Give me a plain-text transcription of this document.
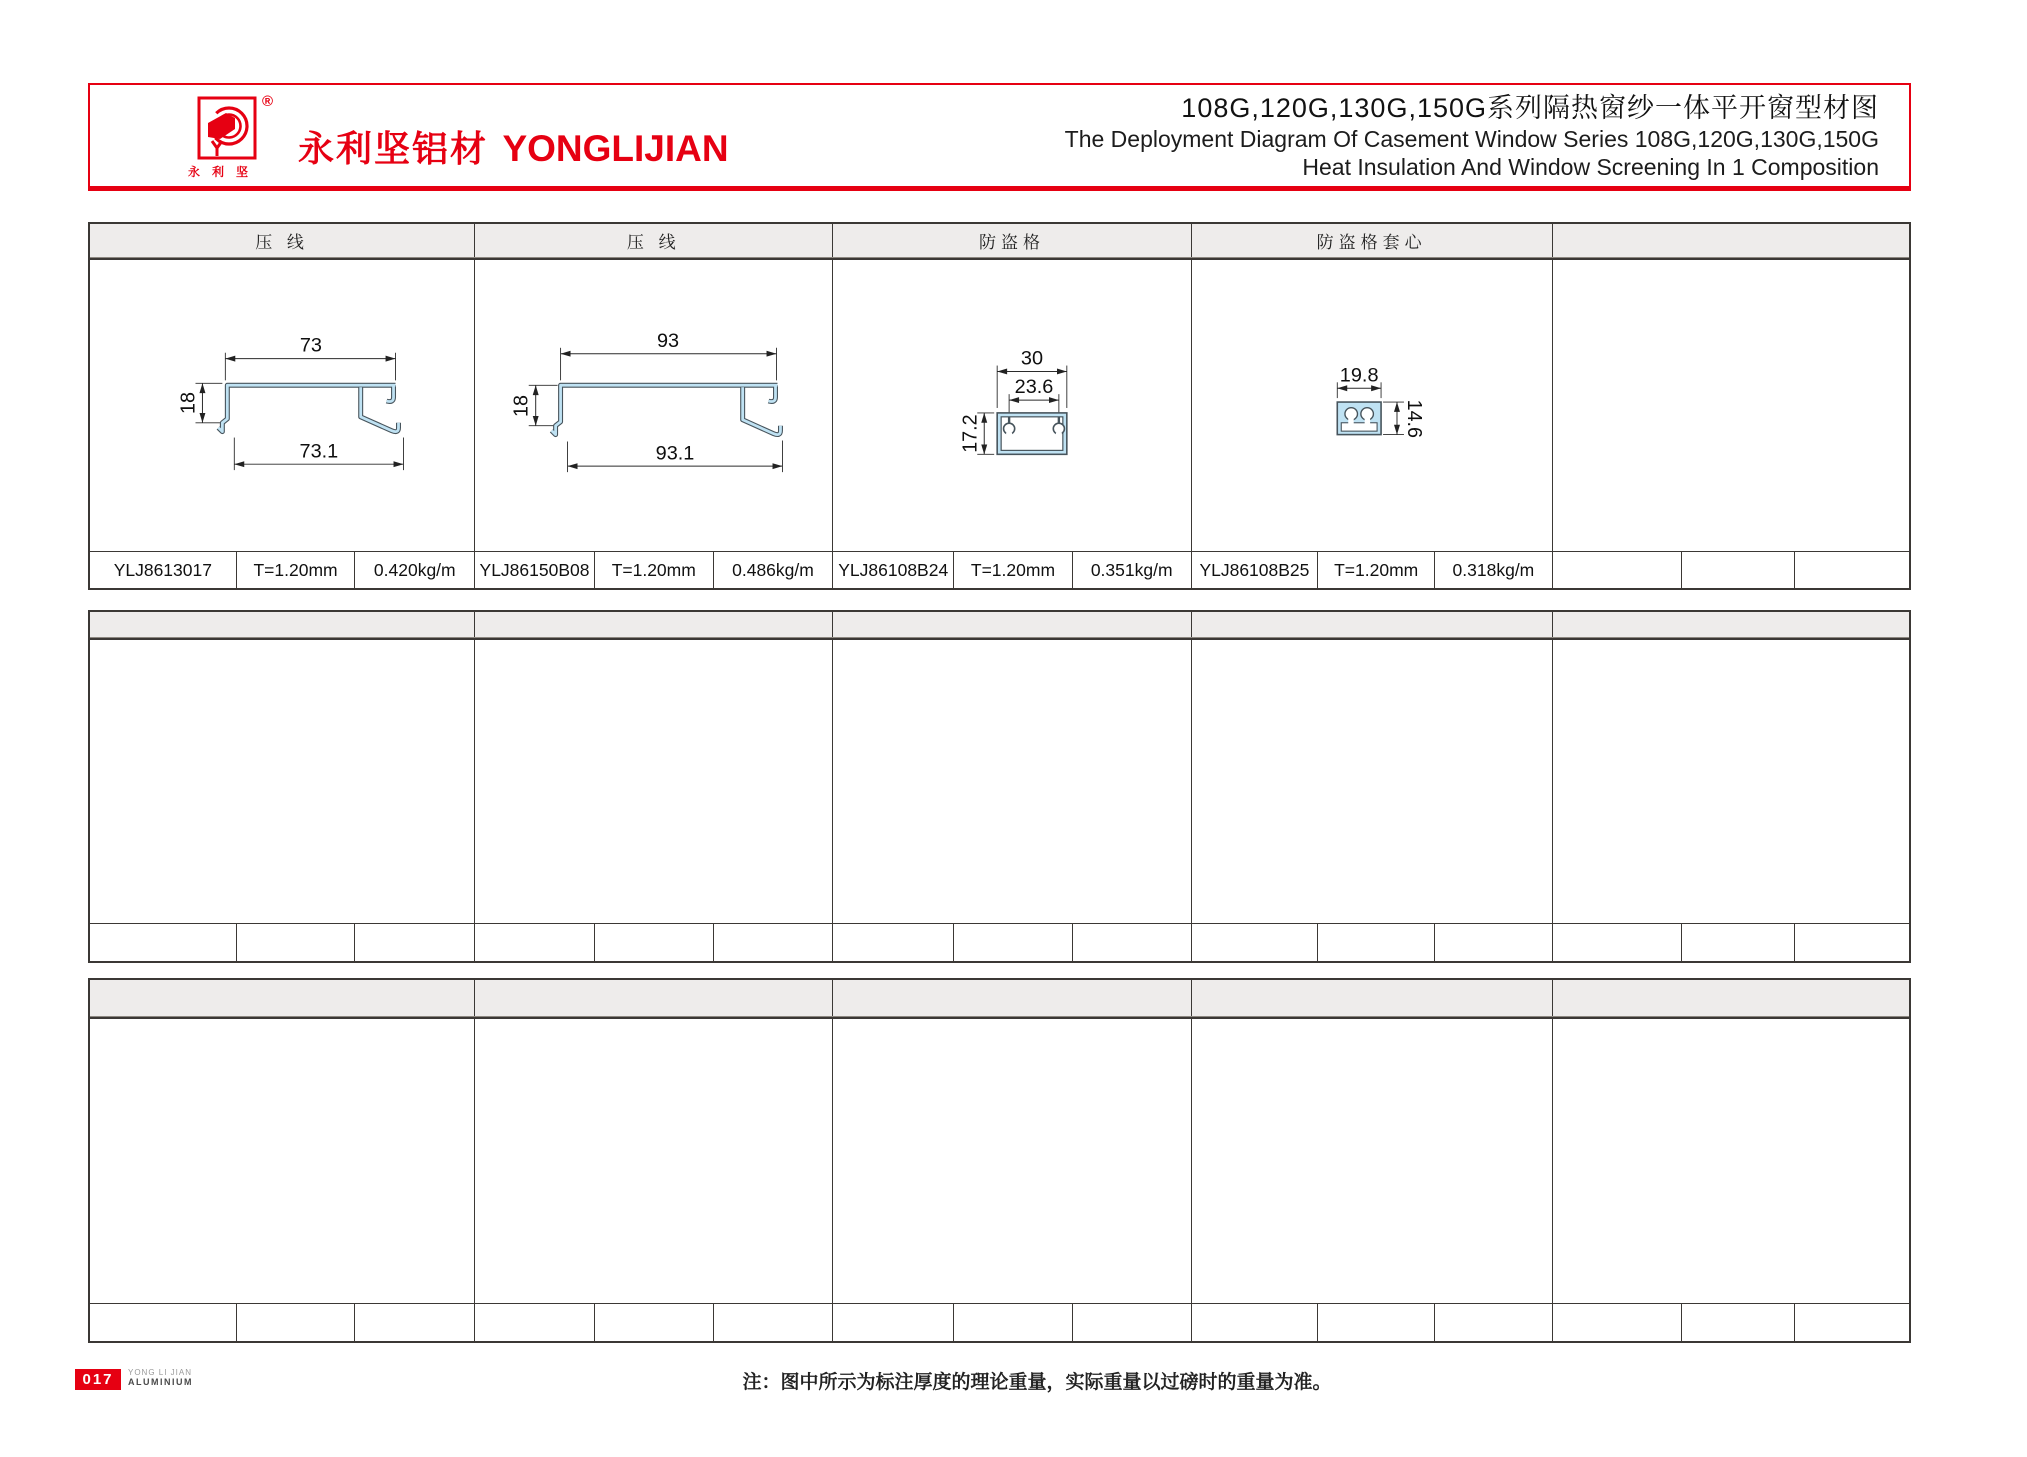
®
永利坚
永利坚铝材 YONGLIJIAN
108G,120G,130G,150G系列隔热窗纱一体平开窗型材图
The Deployment Diagram Of Casement Window Series 108G,120G,130G,150G
Heat Insulation And Window Screening In 1 Composition
压 线	压 线	防盗格	防盗格套心
73
18
73.1
93
18
93.1
30
23.6
17.2
19.8
14.6
YLJ8613017	T=1.20mm	0.420kg/m	YLJ86150B08	T=1.20mm	0.486kg/m	YLJ86108B24	T=1.20mm	0.351kg/m	YLJ86108B25	T=1.20mm	0.318kg/m
017	YONG LI JIAN
ALUMINIUM	注：图中所示为标注厚度的理论重量，实际重量以过磅时的重量为准。
